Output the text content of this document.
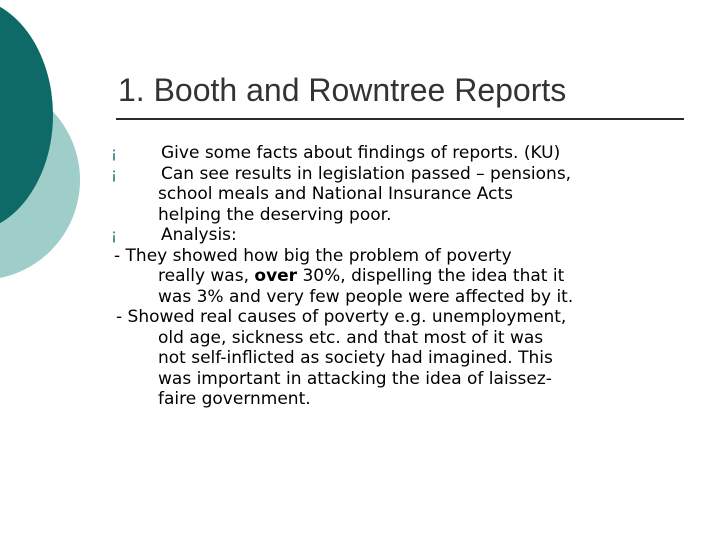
1. Booth and Rowntree Reports
¡	Give some facts about findings of reports. (KU)
¡	Can see results in legislation passed – pensions,
school meals and National Insurance Acts
helping the deserving poor.
¡	Analysis:
- They showed how big the problem of poverty
really was, over 30%, dispelling the idea that it
was 3% and very few people were affected by it.
- Showed real causes of poverty e.g. unemployment,
old age, sickness etc. and that most of it was
not self-inflicted as society had imagined. This
was important in attacking the idea of laissez-
faire government.
